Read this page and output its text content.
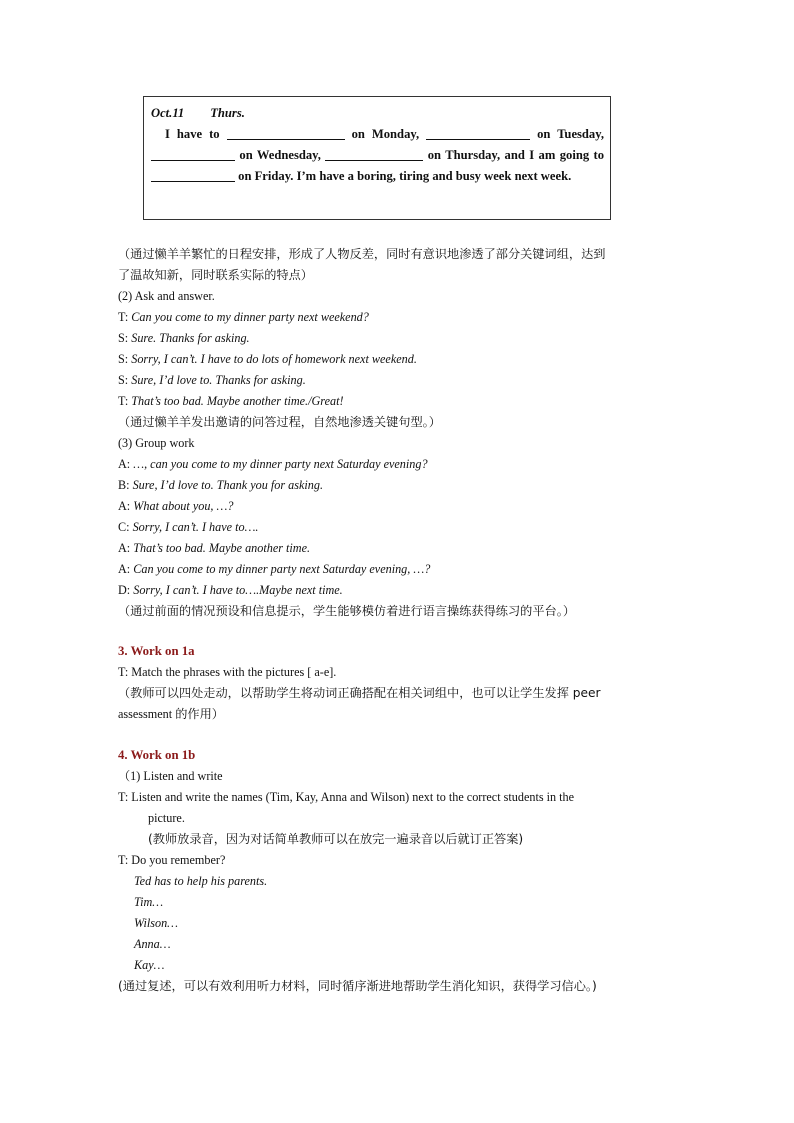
Oct.11 Thurs.
I have to	on Monday,	on Tuesday,  on Wednesday,	on Thursday, and I am going to  on Friday. I’m have a boring, tiring and busy week next week.
（通过懒羊羊繁忙的日程安排，形成了人物反差，同时有意识地渗透了部分关键词组，达到
了温故知新，同时联系实际的特点）
(2) Ask and answer.
T: Can you come to my dinner party next weekend?
S: Sure. Thanks for asking.
S: Sorry, I can’t. I have to do lots of homework next weekend.
S: Sure, I’d love to. Thanks for asking.
T: That’s too bad. Maybe another time./Great!
（通过懒羊羊发出邀请的问答过程，自然地渗透关键句型。）
(3) Group work
A: …, can you come to my dinner party next Saturday evening?
B: Sure, I’d love to. Thank you for asking.
A: What about you, …?
C: Sorry, I can’t. I have to….
A: That’s too bad. Maybe another time.
A: Can you come to my dinner party next Saturday evening, …?
D: Sorry, I can’t. I have to….Maybe next time.
（通过前面的情况预设和信息提示，学生能够模仿着进行语言操练获得练习的平台。）
3. Work on 1a
T: Match the phrases with the pictures [ a-e].
（教师可以四处走动，以帮助学生将动词正确搭配在相关词组中，也可以让学生发挥 peer
assessment 的作用）
4. Work on 1b
（1) Listen and write
T: Listen and write the names (Tim, Kay, Anna and Wilson) next to the correct students in the
picture.
(教师放录音，因为对话简单教师可以在放完一遍录音以后就订正答案)
T: Do you remember?
Ted has to help his parents.
Tim…
Wilson…
Anna…
Kay…
(通过复述，可以有效利用听力材料，同时循序渐进地帮助学生消化知识，获得学习信心。)
